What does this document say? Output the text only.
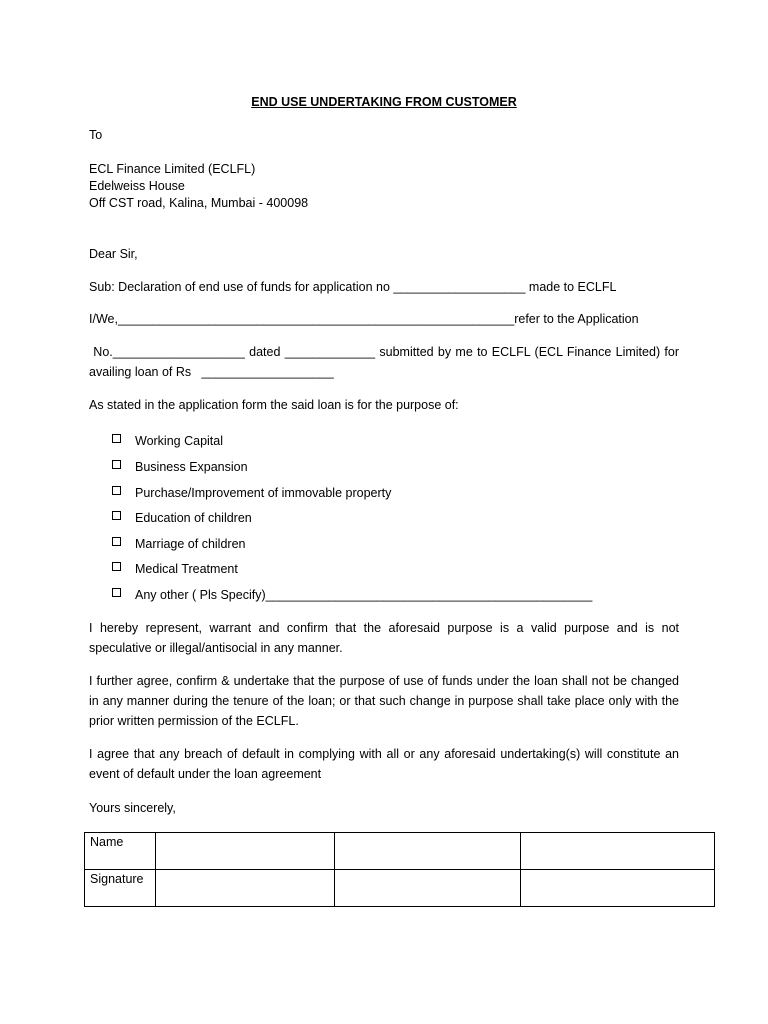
END USE UNDERTAKING FROM CUSTOMER
To
ECL Finance Limited (ECLFL)
Edelweiss House
Off CST road, Kalina, Mumbai - 400098
Dear Sir,
Sub: Declaration of end use of funds for application no ___________________ made to ECLFL
I/We,_________________________________________________________refer to the Application
No.___________________ dated _____________ submitted by me to ECLFL (ECL Finance Limited) for
availing loan of Rs   ___________________
As stated in the application form the said loan is for the purpose of:
Working Capital
Business Expansion
Purchase/Improvement of immovable property
Education of children
Marriage of children
Medical Treatment
Any other ( Pls Specify)_______________________________________________
I hereby represent, warrant and confirm that the aforesaid purpose is a valid purpose and is not speculative or illegal/antisocial in any manner.
I further agree, confirm & undertake that the purpose of use of funds under the loan shall not be changed in any manner during the tenure of the loan; or that such change in purpose shall take place only with the prior written permission of the ECLFL.
I agree that any breach of default in complying with all or any aforesaid undertaking(s) will constitute an event of default under the loan agreement
Yours sincerely,
Name			
Signature			
